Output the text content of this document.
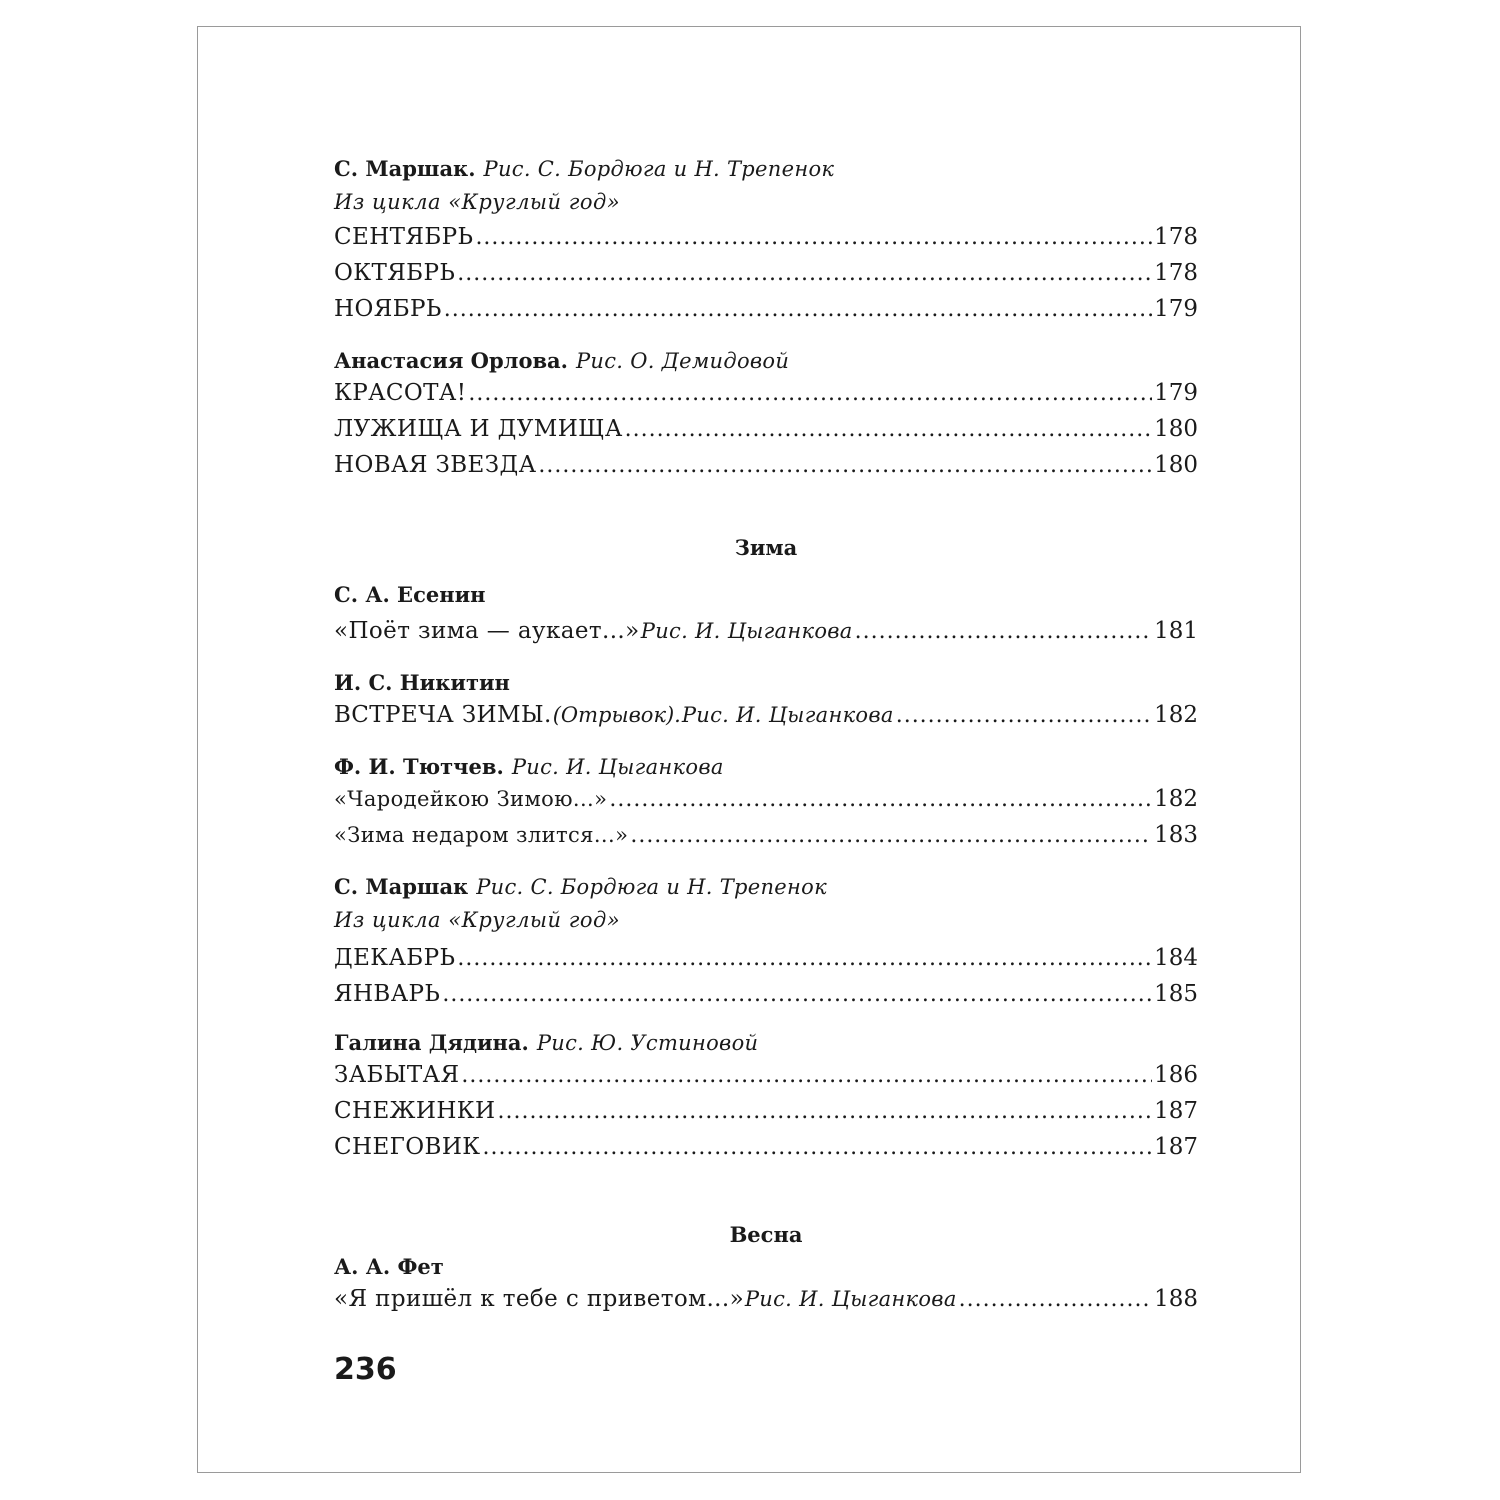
С. Маршак. Рис. С. Бордюга и Н. Трепенок
Из цикла «Круглый год»
СЕНТЯБРЬ .....	178
ОКТЯБРЬ .....	178
НОЯБРЬ .....	179
Анастасия Орлова. Рис. О. Демидовой
КРАСОТА! .....	179
ЛУЖИЩА И ДУМИЩА .....	180
НОВАЯ ЗВЕЗДА .....	180
Зима
С. А. Есенин
«Поёт зима — аукает...» Рис. И. Цыганкова .....	181
И. С. Никитин
ВСТРЕЧА ЗИМЫ. (Отрывок). Рис. И. Цыганкова .....	182
Ф. И. Тютчев. Рис. И. Цыганкова
«Чародейкою Зимою...» .....	182
«Зима недаром злится...» .....	183
С. Маршак Рис. С. Бордюга и Н. Трепенок
Из цикла «Круглый год»
ДЕКАБРЬ .....	184
ЯНВАРЬ .....	185
Галина Дядина. Рис. Ю. Устиновой
ЗАБЫТАЯ .....	186
СНЕЖИНКИ .....	187
СНЕГОВИК .....	187
Весна
А. А. Фет
«Я пришёл к тебе с приветом...» Рис. И. Цыганкова .....	188
236
